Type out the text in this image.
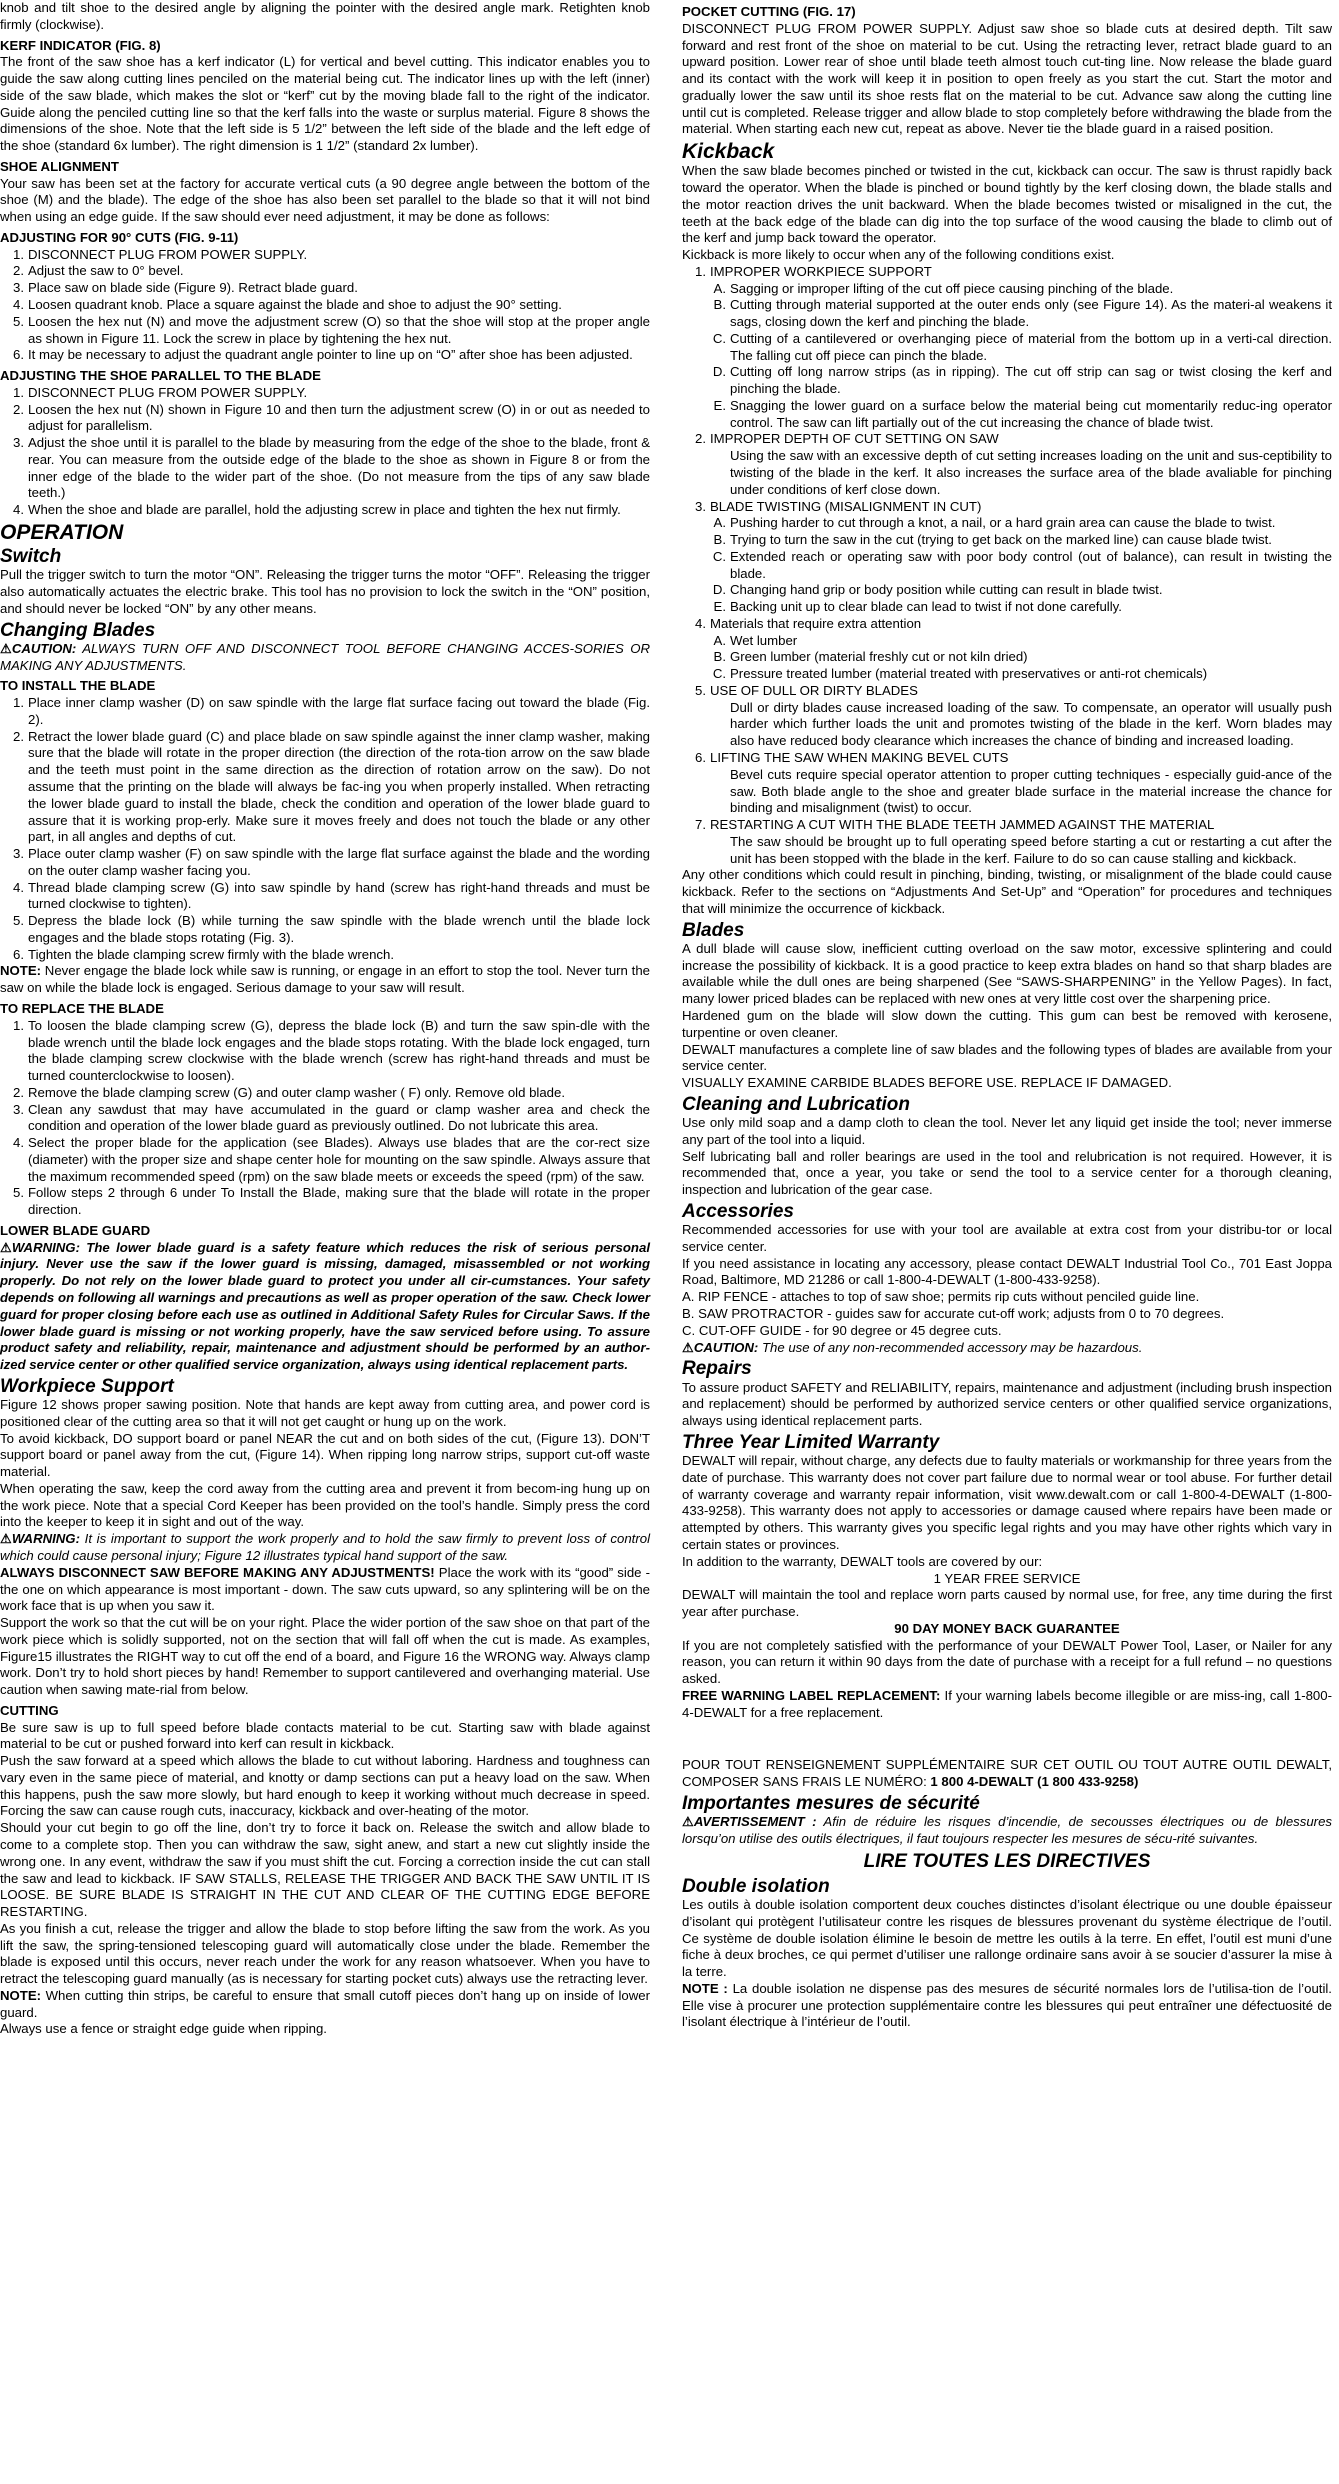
knob and tilt shoe to the desired angle by aligning the pointer with the desired angle mark. Retighten knob firmly (clockwise).

KERF INDICATOR (FIG. 8)

The front of the saw shoe has a kerf indicator (L) for vertical and bevel cutting. This indicator enables you to guide the saw along cutting lines penciled on the material being cut. The indicator lines up with the left (inner) side of the saw blade, which makes the slot or “kerf” cut by the moving blade fall to the right of the indicator. Guide along the penciled cutting line so that the kerf falls into the waste or surplus material. Figure 8 shows the dimensions of the shoe. Note that the left side is 5 1/2” between the left side of the blade and the left edge of the shoe (standard 6x lumber). The right dimension is 1 1/2” (standard 2x lumber).

SHOE ALIGNMENT

Your saw has been set at the factory for accurate vertical cuts (a 90 degree angle between the bottom of the shoe (M) and the blade). The edge of the shoe has also been set parallel to the blade so that it will not bind when using an edge guide. If the saw should ever need adjustment, it may be done as follows:

ADJUSTING FOR 90° CUTS (FIG. 9-11)
1. DISCONNECT PLUG FROM POWER SUPPLY.
2. Adjust the saw to 0° bevel.
3. Place saw on blade side (Figure 9). Retract blade guard.
4. Loosen quadrant knob. Place a square against the blade and shoe to adjust the 90° setting.
5. Loosen the hex nut (N) and move the adjustment screw (O) so that the shoe will stop at the proper angle as shown in Figure 11. Lock the screw in place by tightening the hex nut.
6. It may be necessary to adjust the quadrant angle pointer to line up on “O” after shoe has been adjusted.
ADJUSTING THE SHOE PARALLEL TO THE BLADE
1. DISCONNECT PLUG FROM POWER SUPPLY.
2. Loosen the hex nut (N) shown in Figure 10 and then turn the adjustment screw (O) in or out as needed to adjust for parallelism.
3. Adjust the shoe until it is parallel to the blade by measuring from the edge of the shoe to the blade, front & rear. You can measure from the outside edge of the blade to the shoe as shown in Figure 8 or from the inner edge of the blade to the wider part of the shoe. (Do not measure from the tips of any saw blade teeth.)
4. When the shoe and blade are parallel, hold the adjusting screw in place and tighten the hex nut firmly.
OPERATION
Switch

Pull the trigger switch to turn the motor “ON”. Releasing the trigger turns the motor “OFF”. Releasing the trigger also automatically actuates the electric brake. This tool has no provision to lock the switch in the “ON” position, and should never be locked “ON” by any other means.

Changing Blades

⚠CAUTION: ALWAYS TURN OFF AND DISCONNECT TOOL BEFORE CHANGING ACCES-SORIES OR MAKING ANY ADJUSTMENTS.

TO INSTALL THE BLADE
1. Place inner clamp washer (D) on saw spindle with the large flat surface facing out toward the blade (Fig. 2).
2. Retract the lower blade guard (C) and place blade on saw spindle against the inner clamp washer, making sure that the blade will rotate in the proper direction (the direction of the rota-tion arrow on the saw blade and the teeth must point in the same direction as the direction of rotation arrow on the saw). Do not assume that the printing on the blade will always be fac-ing you when properly installed. When retracting the lower blade guard to install the blade, check the condition and operation of the lower blade guard to assure that it is working prop-erly. Make sure it moves freely and does not touch the blade or any other part, in all angles and depths of cut.
3. Place outer clamp washer (F) on saw spindle with the large flat surface against the blade and the wording on the outer clamp washer facing you.
4. Thread blade clamping screw (G) into saw spindle by hand (screw has right-hand threads and must be turned clockwise to tighten).
5. Depress the blade lock (B) while turning the saw spindle with the blade wrench until the blade lock engages and the blade stops rotating (Fig. 3).
6. Tighten the blade clamping screw firmly with the blade wrench.

NOTE: Never engage the blade lock while saw is running, or engage in an effort to stop the tool. Never turn the saw on while the blade lock is engaged. Serious damage to your saw will result.

TO REPLACE THE BLADE
1. To loosen the blade clamping screw (G), depress the blade lock (B) and turn the saw spin-dle with the blade wrench until the blade lock engages and the blade stops rotating. With the blade lock engaged, turn the blade clamping screw clockwise with the blade wrench (screw has right-hand threads and must be turned counterclockwise to loosen).
2. Remove the blade clamping screw (G) and outer clamp washer ( F) only. Remove old blade.
3. Clean any sawdust that may have accumulated in the guard or clamp washer area and check the condition and operation of the lower blade guard as previously outlined. Do not lubricate this area.
4. Select the proper blade for the application (see Blades). Always use blades that are the cor-rect size (diameter) with the proper size and shape center hole for mounting on the saw spindle. Always assure that the maximum recommended speed (rpm) on the saw blade meets or exceeds the speed (rpm) of the saw.
5. Follow steps 2 through 6 under To Install the Blade, making sure that the blade will rotate in the proper direction.
LOWER BLADE GUARD

⚠WARNING: The lower blade guard is a safety feature which reduces the risk of serious personal injury. Never use the saw if the lower guard is missing, damaged, misassembled or not working properly. Do not rely on the lower blade guard to protect you under all cir-cumstances. Your safety depends on following all warnings and precautions as well as proper operation of the saw. Check lower guard for proper closing before each use as outlined in Additional Safety Rules for Circular Saws. If the lower blade guard is missing or not working properly, have the saw serviced before using. To assure product safety and reliability, repair, maintenance and adjustment should be performed by an author-ized service center or other qualified service organization, always using identical replacement parts.

Workpiece Support

Figure 12 shows proper sawing position. Note that hands are kept away from cutting area, and power cord is positioned clear of the cutting area so that it will not get caught or hung up on the work.

To avoid kickback, DO support board or panel NEAR the cut and on both sides of the cut, (Figure 13). DON’T support board or panel away from the cut, (Figure 14). When ripping long narrow strips, support cut-off waste material.

When operating the saw, keep the cord away from the cutting area and prevent it from becom-ing hung up on the work piece. Note that a special Cord Keeper has been provided on the tool’s handle. Simply press the cord into the keeper to keep it in sight and out of the way.

⚠WARNING: It is important to support the work properly and to hold the saw firmly to prevent loss of control which could cause personal injury; Figure 12 illustrates typical hand support of the saw.

ALWAYS DISCONNECT SAW BEFORE MAKING ANY ADJUSTMENTS! Place the work with its “good” side - the one on which appearance is most important - down. The saw cuts upward, so any splintering will be on the work face that is up when you saw it.

Support the work so that the cut will be on your right. Place the wider portion of the saw shoe on that part of the work piece which is solidly supported, not on the section that will fall off when the cut is made. As examples, Figure15 illustrates the RIGHT way to cut off the end of a board, and Figure 16 the WRONG way. Always clamp work. Don’t try to hold short pieces by hand! Remember to support cantilevered and overhanging material. Use caution when sawing mate-rial from below.

CUTTING

Be sure saw is up to full speed before blade contacts material to be cut. Starting saw with blade against material to be cut or pushed forward into kerf can result in kickback.

Push the saw forward at a speed which allows the blade to cut without laboring. Hardness and toughness can vary even in the same piece of material, and knotty or damp sections can put a heavy load on the saw. When this happens, push the saw more slowly, but hard enough to keep it working without much decrease in speed. Forcing the saw can cause rough cuts, inaccuracy, kickback and over-heating of the motor.

Should your cut begin to go off the line, don’t try to force it back on. Release the switch and allow blade to come to a complete stop. Then you can withdraw the saw, sight anew, and start a new cut slightly inside the wrong one. In any event, withdraw the saw if you must shift the cut. Forcing a correction inside the cut can stall the saw and lead to kickback. IF SAW STALLS, RELEASE THE TRIGGER AND BACK THE SAW UNTIL IT IS LOOSE. BE SURE BLADE IS STRAIGHT IN THE CUT AND CLEAR OF THE CUTTING EDGE BEFORE RESTARTING.

As you finish a cut, release the trigger and allow the blade to stop before lifting the saw from the work. As you lift the saw, the spring-tensioned telescoping guard will automatically close under the blade. Remember the blade is exposed until this occurs, never reach under the work for any reason whatsoever. When you have to retract the telescoping guard manually (as is necessary for starting pocket cuts) always use the retracting lever.

NOTE: When cutting thin strips, be careful to ensure that small cutoff pieces don’t hang up on inside of lower guard.

Always use a fence or straight edge guide when ripping.

POCKET CUTTING (FIG. 17)

DISCONNECT PLUG FROM POWER SUPPLY. Adjust saw shoe so blade cuts at desired depth. Tilt saw forward and rest front of the shoe on material to be cut. Using the retracting lever, retract blade guard to an upward position. Lower rear of shoe until blade teeth almost touch cut-ting line. Now release the blade guard and its contact with the work will keep it in position to open freely as you start the cut. Start the motor and gradually lower the saw until its shoe rests flat on the material to be cut. Advance saw along the cutting line until cut is completed. Release trigger and allow blade to stop completely before withdrawing the blade from the material. When starting each new cut, repeat as above. Never tie the blade guard in a raised position.

Kickback

When the saw blade becomes pinched or twisted in the cut, kickback can occur. The saw is thrust rapidly back toward the operator. When the blade is pinched or bound tightly by the kerf closing down, the blade stalls and the motor reaction drives the unit backward. When the blade becomes twisted or misaligned in the cut, the teeth at the back edge of the blade can dig into the top surface of the wood causing the blade to climb out of the kerf and jump back toward the operator.

Kickback is more likely to occur when any of the following conditions exist.

1. IMPROPER WORKPIECE SUPPORT
A. Sagging or improper lifting of the cut off piece causing pinching of the blade.
B. Cutting through material supported at the outer ends only (see Figure 14). As the materi-al weakens it sags, closing down the kerf and pinching the blade.
C. Cutting of a cantilevered or overhanging piece of material from the bottom up in a verti-cal direction. The falling cut off piece can pinch the blade.
D. Cutting off long narrow strips (as in ripping). The cut off strip can sag or twist closing the kerf and pinching the blade.
E. Snagging the lower guard on a surface below the material being cut momentarily reduc-ing operator control. The saw can lift partially out of the cut increasing the chance of blade twist.
2. IMPROPER DEPTH OF CUT SETTING ON SAW

Using the saw with an excessive depth of cut setting increases loading on the unit and sus-ceptibility to twisting of the blade in the kerf. It also increases the surface area of the blade avaliable for pinching under conditions of kerf close down.

3. BLADE TWISTING (MISALIGNMENT IN CUT)
A. Pushing harder to cut through a knot, a nail, or a hard grain area can cause the blade to twist.
B. Trying to turn the saw in the cut (trying to get back on the marked line) can cause blade twist.
C. Extended reach or operating saw with poor body control (out of balance), can result in twisting the blade.
D. Changing hand grip or body position while cutting can result in blade twist.
E. Backing unit up to clear blade can lead to twist if not done carefully.
4. Materials that require extra attention
A. Wet lumber
B. Green lumber (material freshly cut or not kiln dried)
C. Pressure treated lumber (material treated with preservatives or anti-rot chemicals)
5. USE OF DULL OR DIRTY BLADES

Dull or dirty blades cause increased loading of the saw. To compensate, an operator will usually push harder which further loads the unit and promotes twisting of the blade in the kerf. Worn blades may also have reduced body clearance which increases the chance of binding and increased loading.

6. LIFTING THE SAW WHEN MAKING BEVEL CUTS

Bevel cuts require special operator attention to proper cutting techniques - especially guid-ance of the saw. Both blade angle to the shoe and greater blade surface in the material increase the chance for binding and misalignment (twist) to occur.

7. RESTARTING A CUT WITH THE BLADE TEETH JAMMED AGAINST THE MATERIAL

The saw should be brought up to full operating speed before starting a cut or restarting a cut after the unit has been stopped with the blade in the kerf. Failure to do so can cause stalling and kickback.

Any other conditions which could result in pinching, binding, twisting, or misalignment of the blade could cause kickback. Refer to the sections on “Adjustments And Set-Up” and “Operation” for procedures and techniques that will minimize the occurrence of kickback.

Blades

A dull blade will cause slow, inefficient cutting overload on the saw motor, excessive splintering and could increase the possibility of kickback. It is a good practice to keep extra blades on hand so that sharp blades are available while the dull ones are being sharpened (See “SAWS-SHARPENING” in the Yellow Pages). In fact, many lower priced blades can be replaced with new ones at very little cost over the sharpening price.

Hardened gum on the blade will slow down the cutting. This gum can best be removed with kerosene, turpentine or oven cleaner.

DEWALT manufactures a complete line of saw blades and the following types of blades are available from your service center.

VISUALLY EXAMINE CARBIDE BLADES BEFORE USE. REPLACE IF DAMAGED.

Cleaning and Lubrication

Use only mild soap and a damp cloth to clean the tool. Never let any liquid get inside the tool; never immerse any part of the tool into a liquid.

Self lubricating ball and roller bearings are used in the tool and relubrication is not required. However, it is recommended that, once a year, you take or send the tool to a service center for a thorough cleaning, inspection and lubrication of the gear case.

Accessories

Recommended accessories for use with your tool are available at extra cost from your distribu-tor or local service center.

If you need assistance in locating any accessory, please contact DEWALT Industrial Tool Co., 701 East Joppa Road, Baltimore, MD 21286 or call 1-800-4-DEWALT (1-800-433-9258).

A. RIP FENCE - attaches to top of saw shoe; permits rip cuts without penciled guide line.

B. SAW PROTRACTOR - guides saw for accurate cut-off work; adjusts from 0 to 70 degrees.

C. CUT-OFF GUIDE - for 90 degree or 45 degree cuts.

⚠CAUTION: The use of any non-recommended accessory may be hazardous.

Repairs

To assure product SAFETY and RELIABILITY, repairs, maintenance and adjustment (including brush inspection and replacement) should be performed by authorized service centers or other qualified service organizations, always using identical replacement parts.

Three Year Limited Warranty

DEWALT will repair, without charge, any defects due to faulty materials or workmanship for three years from the date of purchase. This warranty does not cover part failure due to normal wear or tool abuse. For further detail of warranty coverage and warranty repair information, visit www.dewalt.com or call 1-800-4-DEWALT (1-800-433-9258). This warranty does not apply to accessories or damage caused where repairs have been made or attempted by others. This warranty gives you specific legal rights and you may have other rights which vary in certain states or provinces.

In addition to the warranty, DEWALT tools are covered by our:

1 YEAR FREE SERVICE

DEWALT will maintain the tool and replace worn parts caused by normal use, for free, any time during the first year after purchase.

90 DAY MONEY BACK GUARANTEE

If you are not completely satisfied with the performance of your DEWALT Power Tool, Laser, or Nailer for any reason, you can return it within 90 days from the date of purchase with a receipt for a full refund – no questions asked.

FREE WARNING LABEL REPLACEMENT: If your warning labels become illegible or are miss-ing, call 1-800-4-DEWALT for a free replacement.

POUR TOUT RENSEIGNEMENT SUPPLÉMENTAIRE SUR CET OUTIL OU TOUT AUTRE OUTIL DEWALT, COMPOSER SANS FRAIS LE NUMÉRO: 1 800 4-DEWALT (1 800 433-9258)

Importantes mesures de sécurité

⚠AVERTISSEMENT : Afin de réduire les risques d’incendie, de secousses électriques ou de blessures lorsqu’on utilise des outils électriques, il faut toujours respecter les mesures de sécu-rité suivantes.

LIRE TOUTES LES DIRECTIVES
Double isolation

Les outils à double isolation comportent deux couches distinctes d’isolant électrique ou une double épaisseur d’isolant qui protègent l’utilisateur contre les risques de blessures provenant du système électrique de l’outil. Ce système de double isolation élimine le besoin de mettre les outils à la terre. En effet, l’outil est muni d’une fiche à deux broches, ce qui permet d’utiliser une rallonge ordinaire sans avoir à se soucier d’assurer la mise à la terre.

NOTE : La double isolation ne dispense pas des mesures de sécurité normales lors de l’utilisa-tion de l’outil. Elle vise à procurer une protection supplémentaire contre les blessures qui peut entraîner une défectuosité de l’isolant électrique à l’intérieur de l’outil.
